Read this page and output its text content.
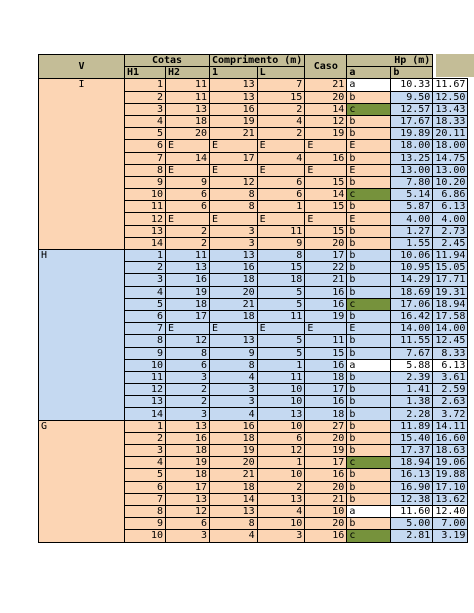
V	Cotas		Comprimento (m)		Caso	Hp (m)		
	H1	H2	1	L		a	b	
I	1	11	13	7	21	a	10.33	11.67
	2	11	13	15	20	b	9.50	12.50
	3	13	16	2	14	c	12.57	13.43
	4	18	19	4	12	b	17.67	18.33
	5	20	21	2	19	b	19.89	20.11
	6	E	E	E	E	E	18.00	18.00
	7	14	17	4	16	b	13.25	14.75
	8	E	E	E	E	E	13.00	13.00
	9	9	12	6	15	b	7.80	10.20
	10	6	8	6	14	c	5.14	6.86
	11	6	8	1	15	b	5.87	6.13
	12	E	E	E	E	E	4.00	4.00
	13	2	3	11	15	b	1.27	2.73
	14	2	3	9	20	b	1.55	2.45
H	1	11	13	8	17	b	10.06	11.94
	2	13	16	15	22	b	10.95	15.05
	3	16	18	18	21	b	14.29	17.71
	4	19	20	5	16	b	18.69	19.31
	5	18	21	5	16	c	17.06	18.94
	6	17	18	11	19	b	16.42	17.58
	7	E	E	E	E	E	14.00	14.00
	8	12	13	5	11	b	11.55	12.45
	9	8	9	5	15	b	7.67	8.33
	10	6	8	1	16	a	5.88	6.13
	11	3	4	11	18	b	2.39	3.61
	12	2	3	10	17	b	1.41	2.59
	13	2	3	10	16	b	1.38	2.63
	14	3	4	13	18	b	2.28	3.72
G	1	13	16	10	27	b	11.89	14.11
	2	16	18	6	20	b	15.40	16.60
	3	18	19	12	19	b	17.37	18.63
	4	19	20	1	17	c	18.94	19.06
	5	18	21	10	16	b	16.13	19.88
	6	17	18	2	20	b	16.90	17.10
	7	13	14	13	21	b	12.38	13.62
	8	12	13	4	10	a	11.60	12.40
	9	6	8	10	20	b	5.00	7.00
	10	3	4	3	16	c	2.81	3.19
